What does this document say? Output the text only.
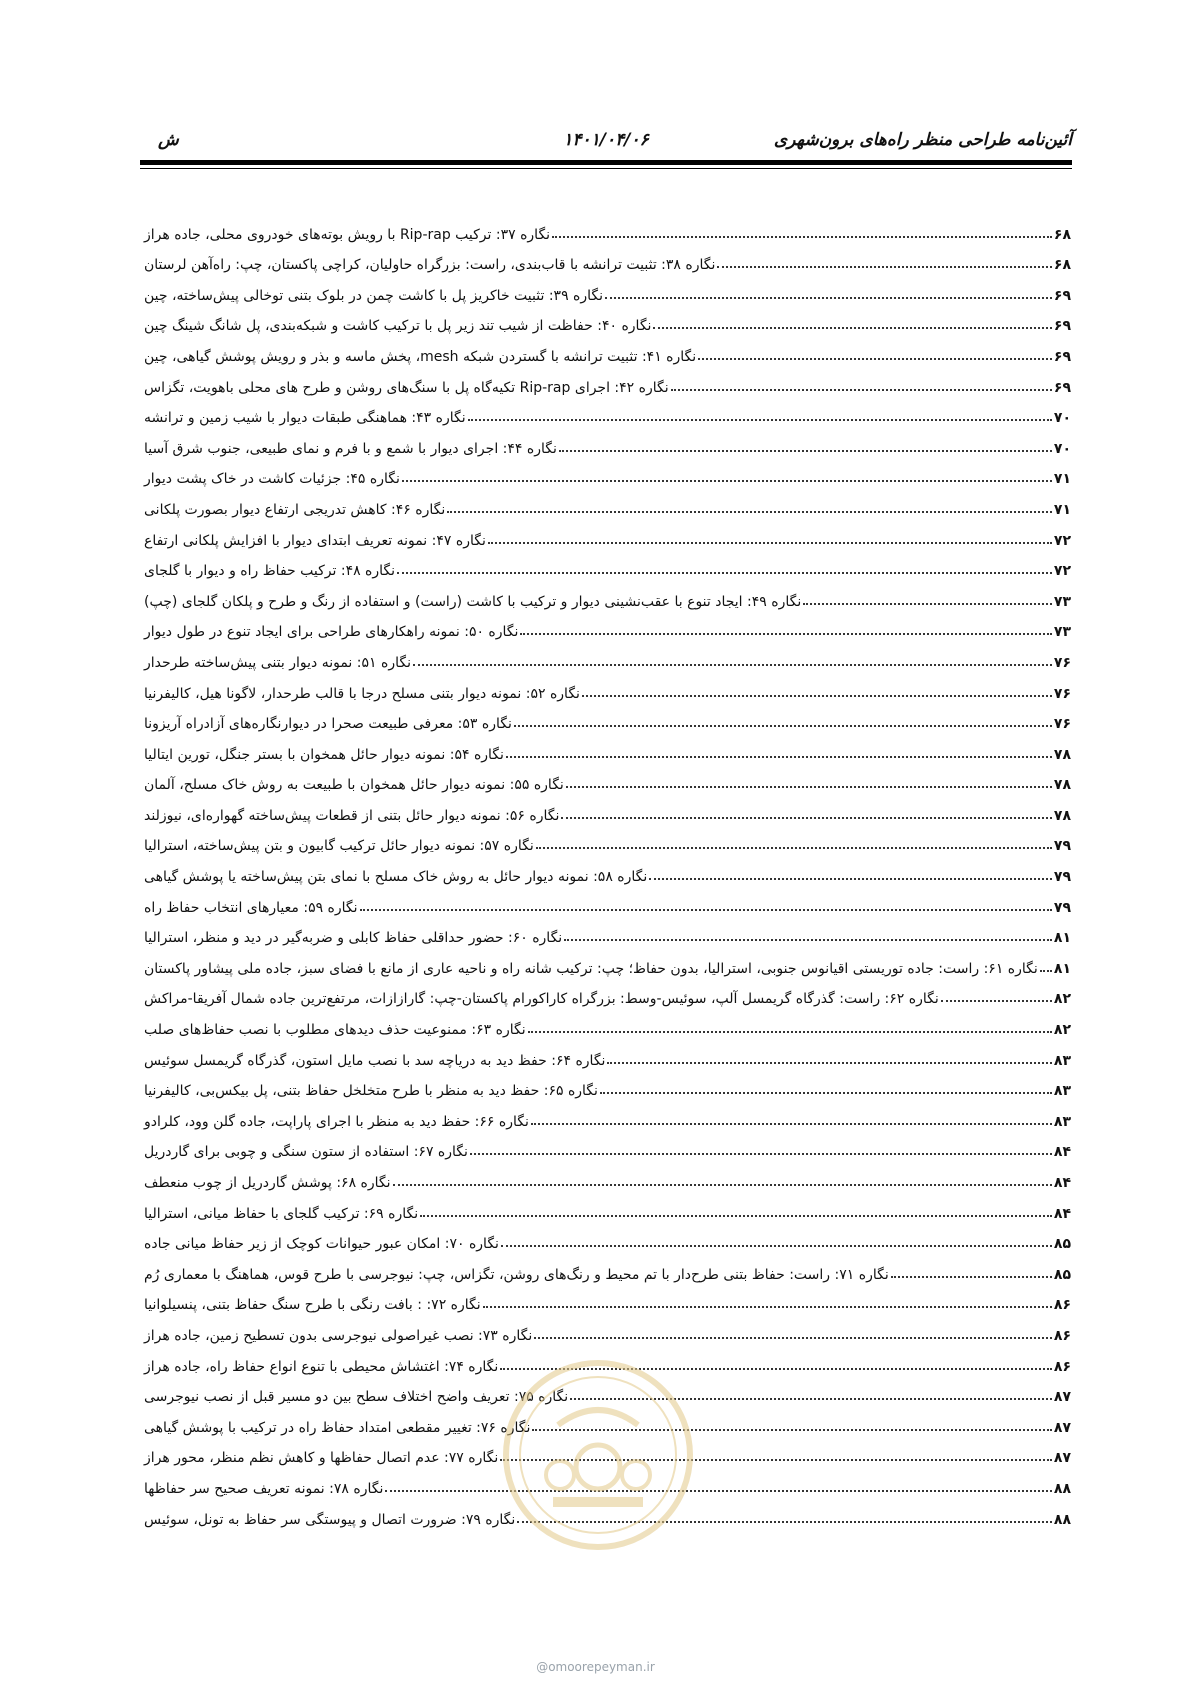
آئین‌نامه طراحی منظر راه‌های برون‌شهری
۱۴۰۱/۰۴/۰۶
ش
نگاره ۳۷: ترکیب Rip-rap با رویش بوته‌های خودروی محلی، جاده هراز	۶۸
نگاره ۳۸: تثبیت ترانشه با قاب‌بندی، راست: بزرگراه حاولیان، کراچی پاکستان، چپ: راه‌آهن لرستان	۶۸
نگاره ۳۹: تثبیت خاکریز پل با کاشت چمن در بلوک بتنی توخالی پیش‌ساخته، چین	۶۹
نگاره ۴۰: حفاظت از شیب تند زیر پل با ترکیب کاشت و شبکه‌بندی، پل شانگ شینگ چین	۶۹
نگاره ۴۱: تثبیت ترانشه با گستردن شبکه mesh، پخش ماسه و بذر و رویش پوشش گیاهی، چین	۶۹
نگاره ۴۲: اجرای Rip-rap تکیه‌گاه پل با سنگ‌های روشن و طرح های محلی باهویت، تگزاس	۶۹
نگاره ۴۳: هماهنگی طبقات دیوار با شیب زمین و ترانشه	۷۰
نگاره ۴۴: اجرای دیوار با شمع و با فرم و نمای طبیعی، جنوب شرق آسیا	۷۰
نگاره ۴۵: جزئیات کاشت در خاک پشت دیوار	۷۱
نگاره ۴۶: کاهش تدریجی ارتفاع دیوار بصورت پلکانی	۷۱
نگاره ۴۷: نمونه تعریف ابتدای دیوار با افزایش پلکانی ارتفاع	۷۲
نگاره ۴۸: ترکیب حفاظ راه و دیوار با گلجای	۷۲
نگاره ۴۹: ایجاد تنوع با عقب‌نشینی دیوار و ترکیب با کاشت (راست) و استفاده از رنگ و طرح و پلکان گلجای (چپ)	۷۳
نگاره ۵۰: نمونه راهکارهای طراحی برای ایجاد تنوع در طول دیوار	۷۳
نگاره ۵۱: نمونه دیوار بتنی پیش‌ساخته طرحدار	۷۶
نگاره ۵۲: نمونه دیوار بتنی مسلح درجا با قالب طرحدار، لاگونا هیل، کالیفرنیا	۷۶
نگاره ۵۳: معرفی طبیعت صحرا در دیوارنگاره‌های آزادراه آریزونا	۷۶
نگاره ۵۴: نمونه دیوار حائل همخوان با بستر جنگل، تورین ایتالیا	۷۸
نگاره ۵۵: نمونه دیوار حائل همخوان با طبیعت به روش خاک مسلح، آلمان	۷۸
نگاره ۵۶: نمونه دیوار حائل بتنی از قطعات پیش‌ساخته گهواره‌ای، نیوزلند	۷۸
نگاره ۵۷: نمونه دیوار حائل ترکیب گابیون و بتن پیش‌ساخته، استرالیا	۷۹
نگاره ۵۸: نمونه دیوار حائل به روش خاک مسلح با نمای بتن پیش‌ساخته یا پوشش گیاهی	۷۹
نگاره ۵۹: معیارهای انتخاب حفاظ راه	۷۹
نگاره ۶۰: حضور حداقلی حفاظ کابلی و ضربه‌گیر در دید و منظر، استرالیا	۸۱
نگاره ۶۱: راست: جاده توریستی اقیانوس جنوبی، استرالیا، بدون حفاظ؛ چپ: ترکیب شانه راه و ناحیه عاری از مانع با فضای سبز، جاده ملی پیشاور پاکستان ۸۱
نگاره ۶۲: راست: گذرگاه گریمسل آلپ، سوئیس-وسط: بزرگراه کاراکورام پاکستان-چپ: گارازازات، مرتفع‌ترین جاده شمال آفریقا-مراکش	۸۲
نگاره ۶۳: ممنوعیت حذف دیدهای مطلوب با نصب حفاظ‌های صلب	۸۲
نگاره ۶۴: حفظ دید به دریاچه سد با نصب مایل استون، گذرگاه گریمسل سوئیس	۸۳
نگاره ۶۵: حفظ دید به منظر با طرح متخلخل حفاظ بتنی، پل بیکس‌بی، کالیفرنیا	۸۳
نگاره ۶۶: حفظ دید به منظر با اجرای پاراپت، جاده گلن وود، کلرادو	۸۳
نگاره ۶۷: استفاده از ستون سنگی و چوبی برای گاردریل	۸۴
نگاره ۶۸: پوشش گاردریل از چوب منعطف	۸۴
نگاره ۶۹: ترکیب گلجای با حفاظ میانی، استرالیا	۸۴
نگاره ۷۰: امکان عبور حیوانات کوچک از زیر حفاظ میانی جاده	۸۵
نگاره ۷۱: راست: حفاظ بتنی طرح‌دار با تم محیط و رنگ‌های روشن، تگزاس، چپ: نیوجرسی با طرح قوس، هماهنگ با معماری رُم	۸۵
نگاره ۷۲: : بافت رنگی با طرح سنگ حفاظ بتنی، پنسیلوانیا	۸۶
نگاره ۷۳: نصب غیراصولی نیوجرسی بدون تسطیح زمین، جاده هراز	۸۶
نگاره ۷۴: اغتشاش محیطی با تنوع انواع حفاظ راه، جاده هراز	۸۶
نگاره ۷۵: تعریف واضح اختلاف سطح بین دو مسیر قبل از نصب نیوجرسی	۸۷
نگاره ۷۶: تغییر مقطعی امتداد حفاظ راه در ترکیب با پوشش گیاهی	۸۷
نگاره ۷۷: عدم اتصال حفاظها و کاهش نظم منظر، محور هراز	۸۷
نگاره ۷۸: نمونه تعریف صحیح سر حفاظها	۸۸
نگاره ۷۹: ضرورت اتصال و پیوستگی سر حفاظ به تونل، سوئیس	۸۸
@omoorepeyman.ir
